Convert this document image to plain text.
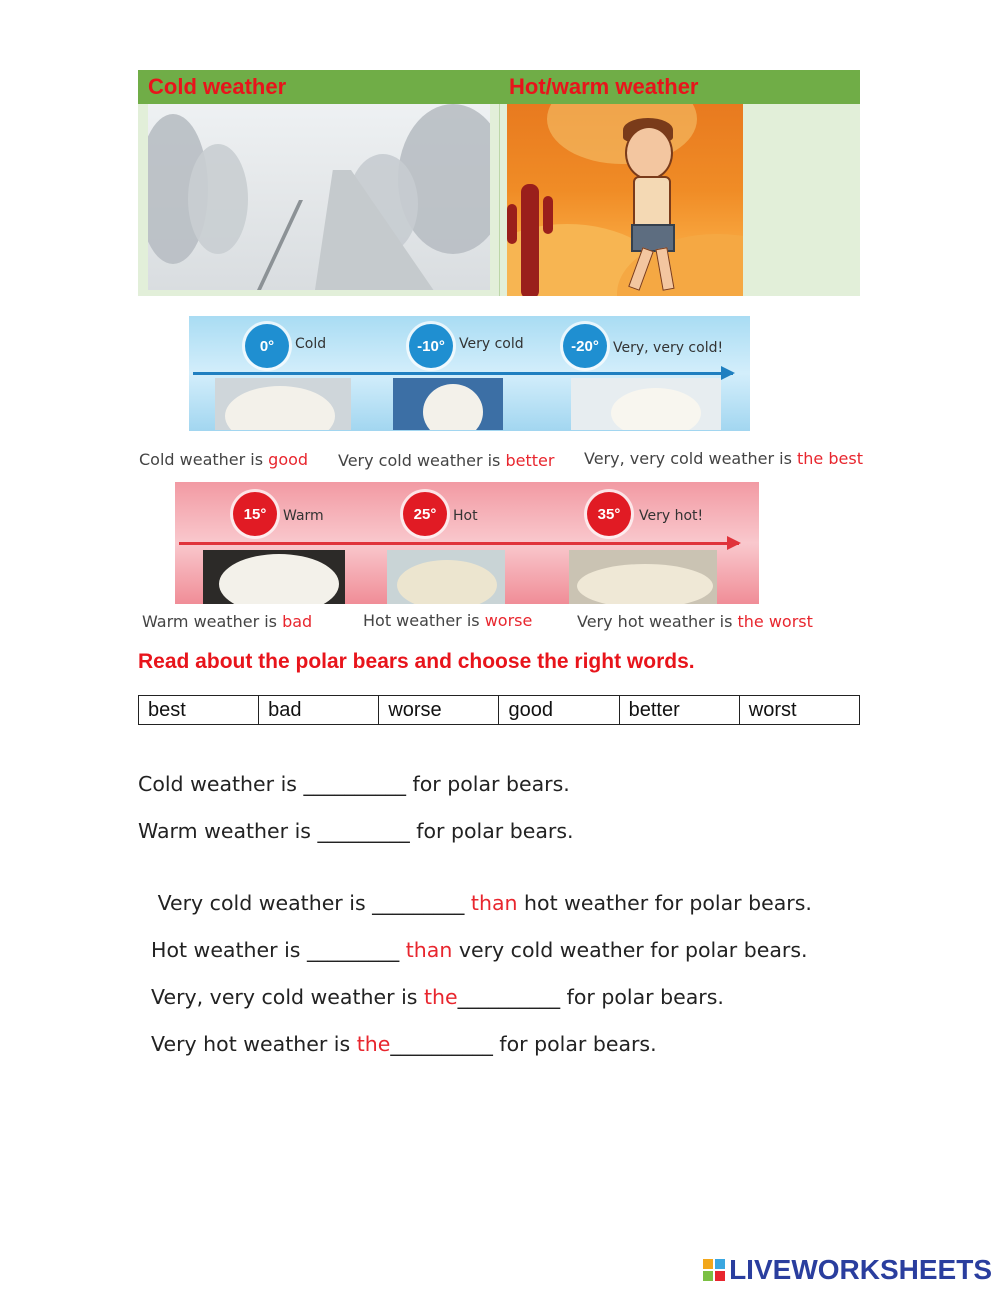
Cold weather	Hot/warm weather
0°	Cold	-10°	Very cold	-20°	Very, very cold!
Cold weather is good Very cold weather is better Very, very cold weather is the best
15°	Warm	25°	Hot	35°	Very hot!
Warm weather is bad	Hot weather is worse	Very hot weather is the worst
Read about the polar bears and choose the right words.
best	bad	worse	good	better	worst
Cold weather is __________ for polar bears.
Warm weather is _________ for polar bears.

Very cold weather is _________ than hot weather for polar bears.

Hot weather is _________ than very cold weather for polar bears.

Very, very cold weather is the__________ for polar bears.

Very hot weather is the__________ for polar bears.

LIVEWORKSHEETS
